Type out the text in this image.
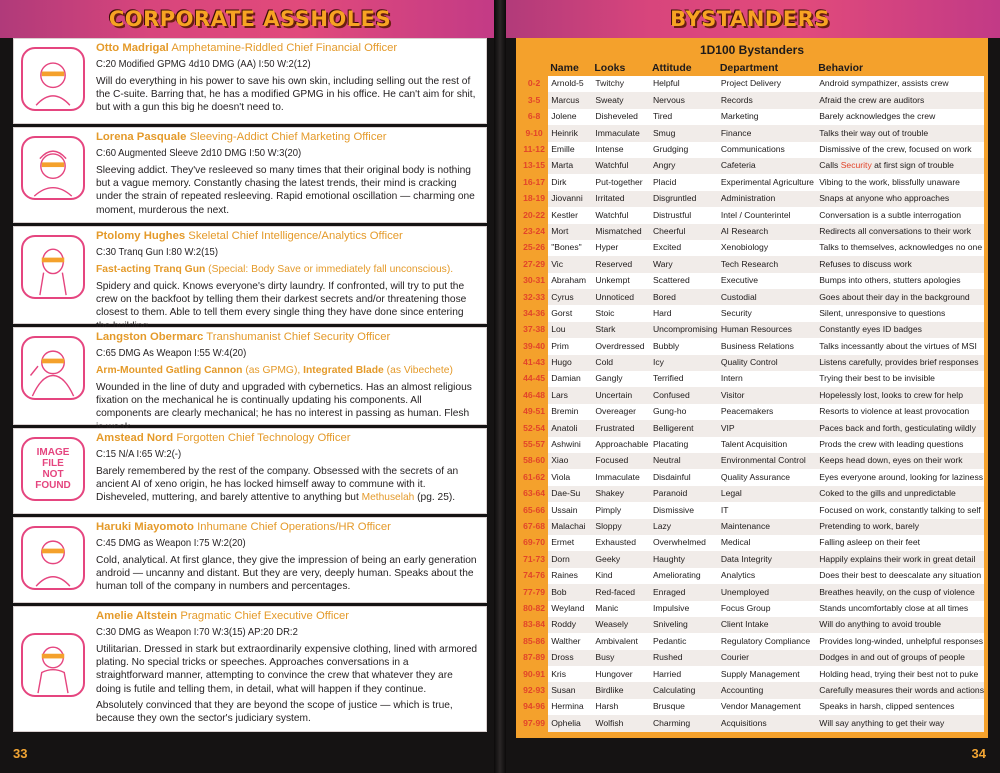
CORPORATE ASSHOLES	BYSTANDERS
Otto Madrigal Amphetamine-Riddled Chief Financial Officer
C:20 Modified GPMG 4d10 DMG (AA) I:50 W:2(12)

Will do everything in his power to save his own skin, including selling out the rest of the C-suite. Barring that, he has a modified GPMG in his office. He can't aim for shit, but with a gun this big he doesn't need to.

Lorena Pasquale Sleeving-Addict Chief Marketing Officer
C:60 Augmented Sleeve 2d10 DMG I:50 W:3(20)

Sleeving addict. They've resleeved so many times that their original body is nothing but a vague memory. Constantly chasing the latest trends, their mind is cracking under the strain of repeated resleeving. Rapid emotional oscillation — charming one moment, murderous the next.

Ptolomy Hughes Skeletal Chief Intelligence/Analytics Officer
C:30 Tranq Gun I:80 W:2(15)
Fast-acting Tranq Gun (Special: Body Save or immediately fall unconscious).

Spidery and quick. Knows everyone's dirty laundry. If confronted, will try to put the crew on the backfoot by telling them their darkest secrets and/or threatening those closest to them. Able to tell them every single thing they have done since entering

Langston Obermarc Transhumanist Chief Security Officer
C:65 DMG As Weapon I:55 W:4(20)
Arm-Mounted Gatling Cannon (as GPMG), Integrated Blade (as Vibechete)

Wounded in the line of duty and upgraded with cybernetics. Has an almost religious fixation on the mechanical he is continually updating his components. All components are clearly mechanical; he has no interest in passing as human. Flesh

IMAGE
FILE
NOT
FOUND
Amstead Nord Forgotten Chief Technology Officer
C:15 N/A I:65 W:2(-)

Barely remembered by the rest of the company. Obsessed with the secrets of an ancient AI of xeno origin, he has locked himself away to commune with it. Disheveled, muttering, and barely attentive to anything but Methuselah (pg. 25).

Haruki Miayomoto Inhumane Chief Operations/HR Officer
C:45 DMG as Weapon I:75 W:2(20)

Cold, analytical. At first glance, they give the impression of being an early generation android — uncanny and distant. But they are very, deeply human. Speaks about the human toll of the company in numbers and percentages.

Amelie Altstein Pragmatic Chief Executive Officer
C:30 DMG as Weapon I:70 W:3(15) AP:20 DR:2

Utilitarian. Dressed in stark but extraordinarily expensive clothing, lined with armored plating. No special tricks or speeches. Approaches conversations in a straightforward manner, attempting to convince the crew that whatever they are doing is futile and telling them, in detail, what will happen if they continue.

Absolutely convinced that they are beyond the scope of justice — which is true, because they own the sector's judiciary system.

1D100 Bystanders
	Name	Looks	Attitude	Department	Behavior
0-2	Arnold-5	Twitchy	Helpful	Project Delivery	Android sympathizer, assists crew
3-5	Marcus	Sweaty	Nervous	Records	Afraid the crew are auditors
6-8	Jolene	Disheveled	Tired	Marketing	Barely acknowledges the crew
9-10	Heinrik	Immaculate	Smug	Finance	Talks their way out of trouble
11-12	Emille	Intense	Grudging	Communications	Dismissive of the crew, focused on work
13-15	Marta	Watchful	Angry	Cafeteria	Calls Security at first sign of trouble
16-17	Dirk	Put-together	Placid	Experimental Agriculture	Vibing to the work, blissfully unaware
18-19	Jiovanni	Irritated	Disgruntled	Administration	Snaps at anyone who approaches
20-22	Kestler	Watchful	Distrustful	Intel / Counterintel	Conversation is a subtle interrogation
23-24	Mort	Mismatched	Cheerful	AI Research	Redirects all conversations to their work
25-26	"Bones"	Hyper	Excited	Xenobiology	Talks to themselves, acknowledges no one
27-29	Vic	Reserved	Wary	Tech Research	Refuses to discuss work
30-31	Abraham	Unkempt	Scattered	Executive	Bumps into others, stutters apologies
32-33	Cyrus	Unnoticed	Bored	Custodial	Goes about their day in the background
34-36	Gorst	Stoic	Hard	Security	Silent, unresponsive to questions
37-38	Lou	Stark	Uncompromising	Human Resources	Constantly eyes ID badges
39-40	Prim	Overdressed	Bubbly	Business Relations	Talks incessantly about the virtues of MSI
41-43	Hugo	Cold	Icy	Quality Control	Listens carefully, provides brief responses
44-45	Damian	Gangly	Terrified	Intern	Trying their best to be invisible
46-48	Lars	Uncertain	Confused	Visitor	Hopelessly lost, looks to crew for help
49-51	Bremin	Overeager	Gung-ho	Peacemakers	Resorts to violence at least provocation
52-54	Anatoli	Frustrated	Belligerent	VIP	Paces back and forth, gesticulating wildly
55-57	Ashwini	Approachable	Placating	Talent Acquisition	Prods the crew with leading questions
58-60	Xiao	Focused	Neutral	Environmental Control	Keeps head down, eyes on their work
61-62	Viola	Immaculate	Disdainful	Quality Assurance	Eyes everyone around, looking for laziness
63-64	Dae-Su	Shakey	Paranoid	Legal	Coked to the gills and unpredictable
65-66	Ussain	Pimply	Dismissive	IT	Focused on work, constantly talking to self
67-68	Malachai	Sloppy	Lazy	Maintenance	Pretending to work, barely
69-70	Ermet	Exhausted	Overwhelmed	Medical	Falling asleep on their feet
71-73	Dorn	Geeky	Haughty	Data Integrity	Happily explains their work in great detail
74-76	Raines	Kind	Ameliorating	Analytics	Does their best to deescalate any situation
77-79	Bob	Red-faced	Enraged	Unemployed	Breathes heavily, on the cusp of violence
80-82	Weyland	Manic	Impulsive	Focus Group	Stands uncomfortably close at all times
83-84	Roddy	Weasely	Sniveling	Client Intake	Will do anything to avoid trouble
85-86	Walther	Ambivalent	Pedantic	Regulatory Compliance	Provides long-winded, unhelpful responses
87-89	Dross	Busy	Rushed	Courier	Dodges in and out of groups of people
90-91	Kris	Hungover	Harried	Supply Management	Holding head, trying their best not to puke
92-93	Susan	Birdlike	Calculating	Accounting	Carefully measures their words and actions
94-96	Hermina	Harsh	Brusque	Vendor Management	Speaks in harsh, clipped sentences
97-99	Ophelia	Wolfish	Charming	Acquisitions	Will say anything to get their way
33	34
